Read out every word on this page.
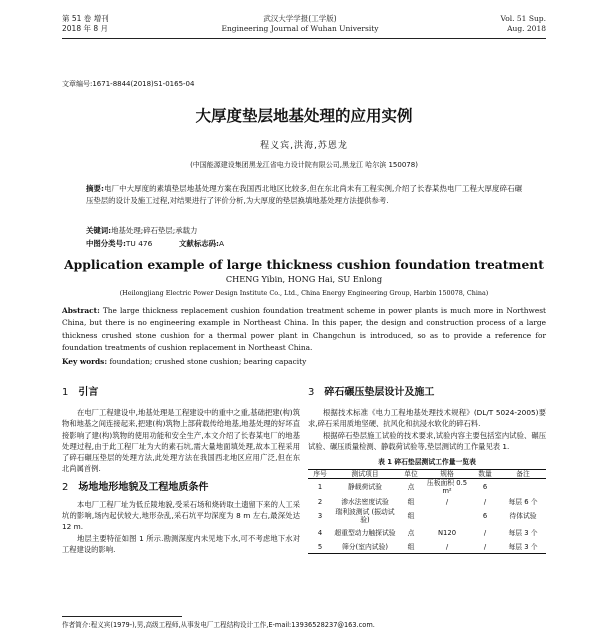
第 51 卷 增刊
2018 年 8 月
武汉大学学报(工学版)
Engineering Journal of Wuhan University
Vol. 51 Sup.
Aug. 2018
文章编号:1671-8844(2018)S1-0165-04
大厚度垫层地基处理的应用实例
程义宾,洪海,苏恩龙
(中国能源建设集团黑龙江省电力设计院有限公司,黑龙江 哈尔滨 150078)
摘要:电厂中大厚度的素填垫层地基处理方案在我国西北地区比较多,但在东北尚未有工程实例,介绍了长春某热电厂工程大厚度碎石碾压垫层的设计及施工过程,对结果进行了评价分析,为大厚度的垫层换填地基处理方法提供参考.
关键词:地基处理;碎石垫层;承载力
中图分类号:TU 476	文献标志码:A
Application example of large thickness cushion foundation treatment
CHENG Yibin, HONG Hai, SU Enlong
(Heilongjiang Electric Power Design Institute Co., Ltd., China Energy Engineering Group, Harbin 150078, China)
Abstract: The large thickness replacement cushion foundation treatment scheme in power plants is much more in Northwest China, but there is no engineering example in Northeast China. In this paper, the design and construction process of a large thickness crushed stone cushion for a thermal power plant in Changchun is introduced, so as to provide a reference for foundation treatments of cushion replacement in Northeast China.
Key words: foundation; crushed stone cushion; bearing capacity
1 引言
在电厂工程建设中,地基处理是工程建设中的重中之重,基础把建(构)筑物和地基之间连接起来,把建(构)筑物上部荷载传给地基,地基处理的好坏直接影响了建(构)筑物的使用功能和安全生产,本文介绍了长春某电厂的地基处理过程,由于此工程厂址为大的素石坑,需大量地面填处理,故本工程采用了碎石碾压垫层的处理方法,此处理方法在我国西北地区应用广泛,但在东北尚属首例.
2 场地地形地貌及工程地质条件
本电厂工程厂址为低丘陵地貌,受采石场和烧砖取土遗留下来的人工采坑的影响,场内起伏较大,地形杂乱,采石坑平均深度为 8 m 左右,最深处达 12 m.
地层主要特征如图 1 所示.勘测深度内未见地下水,可不考虑地下水对工程建设的影响.
3 碎石碾压垫层设计及施工
根据技术标准《电力工程地基处理技术规程》(DL/T 5024-2005)要求,碎石采用质地坚硬、抗风化和抗浸水软化的碎石料.
根据碎石垫层施工试验的技术要求,试验内容主要包括室内试验、碾压试验、碾压质量检测、静载荷试验等,垫层测试的工作量见表 1.
表 1 碎石垫层测试工作量一览表
序号	测试项目	单位	规格	数量	备注
1	静载荷试验	点	压板面积 0.5 m²	6	
2	渗水法密度试验	组	/	/	每层 6 个
3	瑞利波测试 (振动试验)	组		6	待体试验
4	超重型动力触探试验	点	N120	/	每层 3 个
5	筛分(室内试验)	组	/	/	每层 3 个
作者简介:程义宾(1979-),男,高级工程师,从事发电厂工程结构设计工作,E-mail:13936528237@163.com.
